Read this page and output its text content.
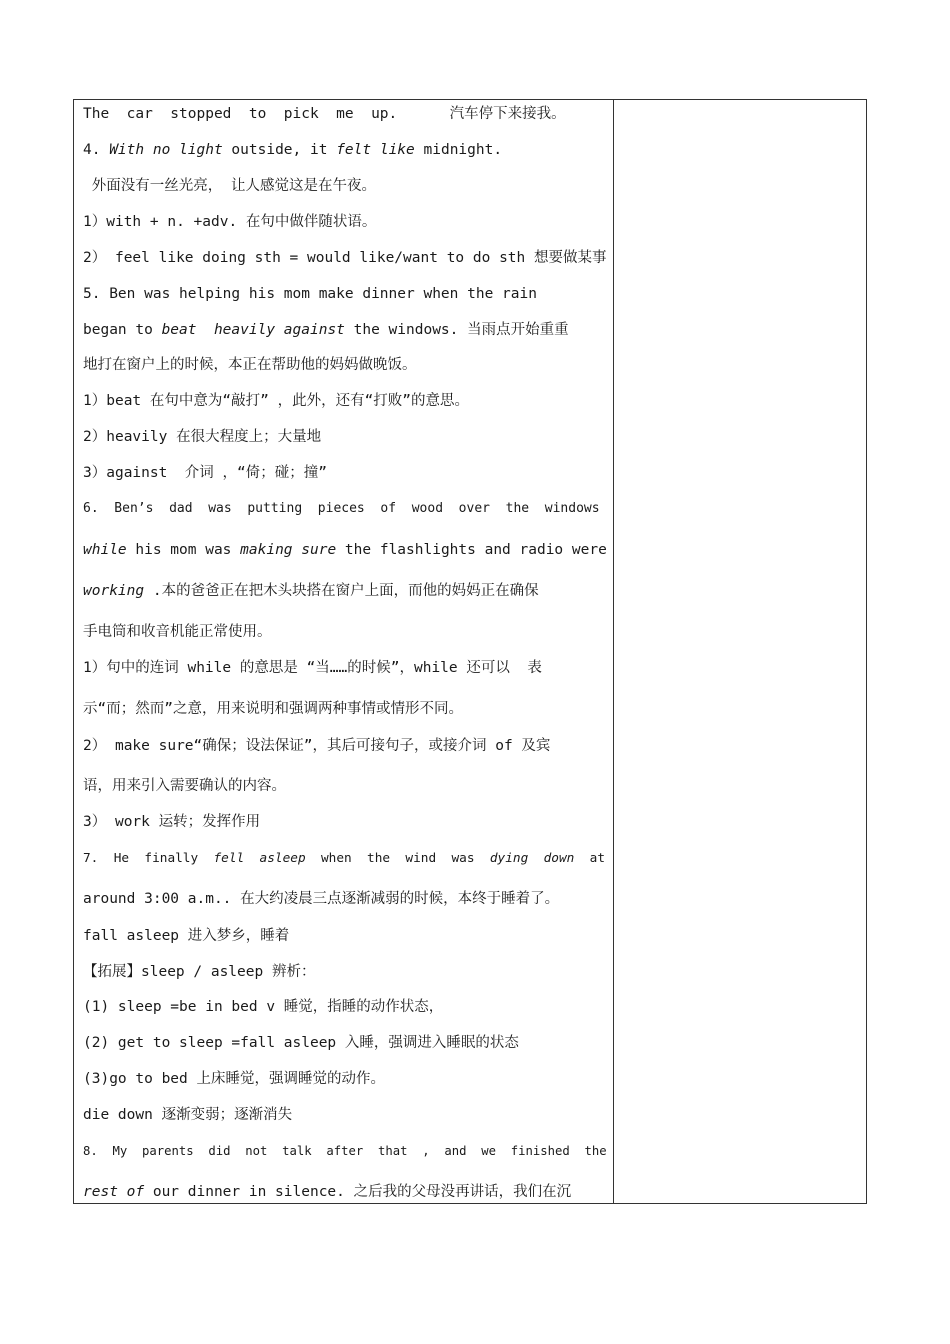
The  car  stopped  to  pick  me  up.      汽车停下来接我。
4. With no light outside, it felt like midnight.
外面没有一丝光亮， 让人感觉这是在午夜。
1）with + n. +adv. 在句中做伴随状语。
2） feel like doing sth = would like/want to do sth 想要做某事
5. Ben was helping his mom make dinner when the rain
began to beat  heavily against the windows. 当雨点开始重重
地打在窗户上的时候，本正在帮助他的妈妈做晚饭。
1）beat 在句中意为“敲打” ，此外，还有“打败”的意思。
2）heavily 在很大程度上；大量地
3）against  介词 ，“倚；碰；撞”
6.  Ben’s  dad  was  putting  pieces  of  wood  over  the  windows
while his mom was making sure the flashlights and radio were
working .本的爸爸正在把木头块搭在窗户上面，而他的妈妈正在确保
手电筒和收音机能正常使用。
1）句中的连词 while 的意思是 “当……的时候”，while 还可以  表
示“而；然而”之意，用来说明和强调两种事情或情形不同。
2） make sure“确保；设法保证”，其后可接句子，或接介词 of 及宾
语，用来引入需要确认的内容。
3） work 运转；发挥作用
7.  He  finally  fell  asleep  when  the  wind  was  dying  down  at
around 3:00 a.m.. 在大约凌晨三点逐渐减弱的时候，本终于睡着了。
fall asleep 进入梦乡，睡着
【拓展】sleep / asleep 辨析：
(1) sleep =be in bed v 睡觉，指睡的动作状态，
(2) get to sleep =fall asleep 入睡，强调进入睡眠的状态
(3)go to bed 上床睡觉，强调睡觉的动作。
die down 逐渐变弱；逐渐消失
8.  My  parents  did  not  talk  after  that  ,  and  we  finished  the
rest of our dinner in silence. 之后我的父母没再讲话，我们在沉
